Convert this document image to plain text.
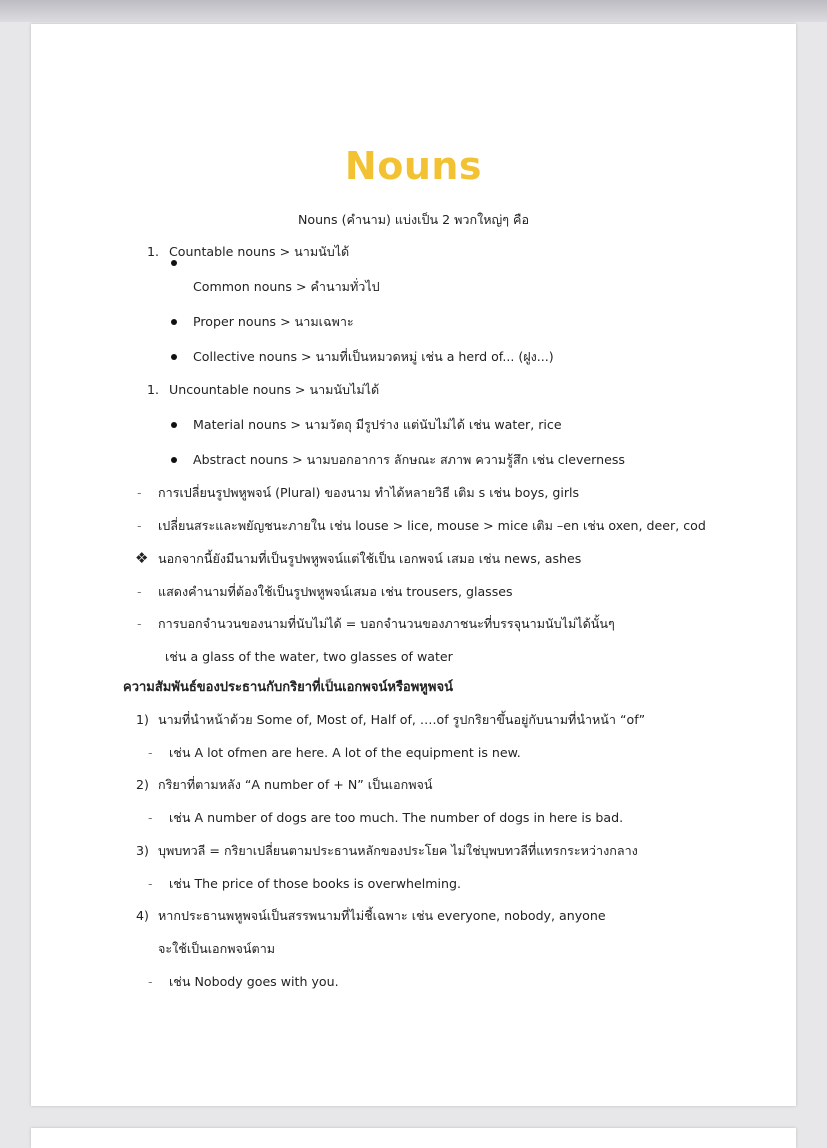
Nouns
Nouns (คำนาม) แบ่งเป็น 2 พวกใหญ่ๆ คือ
1. Countable nouns > นามนับได้
Common nouns > คำนามทั่วไป
Proper nouns > นามเฉพาะ
Collective nouns > นามที่เป็นหมวดหมู่ เช่น a herd of... (ฝูง...)
1. Uncountable nouns > นามนับไม่ได้
Material nouns > นามวัตถุ มีรูปร่าง แต่นับไม่ได้ เช่น water, rice
Abstract nouns > นามบอกอาการ ลักษณะ สภาพ ความรู้สึก เช่น cleverness
- การเปลี่ยนรูปพหูพจน์ (Plural) ของนาม ทำได้หลายวิธี เติม s เช่น boys, girls
- เปลี่ยนสระและพยัญชนะภายใน เช่น louse > lice, mouse > mice เติม –en เช่น oxen, deer, cod
❖ นอกจากนี้ยังมีนามที่เป็นรูปพหูพจน์แต่ใช้เป็น เอกพจน์ เสมอ เช่น news, ashes
- แสดงคำนามที่ต้องใช้เป็นรูปพหูพจน์เสมอ เช่น trousers, glasses
- การบอกจำนวนของนามที่นับไม่ได้ = บอกจำนวนของภาชนะที่บรรจุนามนับไม่ได้นั้นๆ
เช่น a glass of the water, two glasses of water
ความสัมพันธ์ของประธานกับกริยาที่เป็นเอกพจน์หรือพหูพจน์
1) นามที่นำหน้าด้วย Some of, Most of, Half of, ….of รูปกริยาขึ้นอยู่กับนามที่นำหน้า “of”
- เช่น A lot ofmen are here. A lot of the equipment is new.
2) กริยาที่ตามหลัง “A number of + N” เป็นเอกพจน์
- เช่น A number of dogs are too much. The number of dogs in here is bad.
3) บุพบทวลี = กริยาเปลี่ยนตามประธานหลักของประโยค ไม่ใช่บุพบทวลีที่แทรกระหว่างกลาง
- เช่น The price of those books is overwhelming.
4) หากประธานพหูพจน์เป็นสรรพนามที่ไม่ชี้เฉพาะ เช่น everyone, nobody, anyone
จะใช้เป็นเอกพจน์ตาม
- เช่น Nobody goes with you.
